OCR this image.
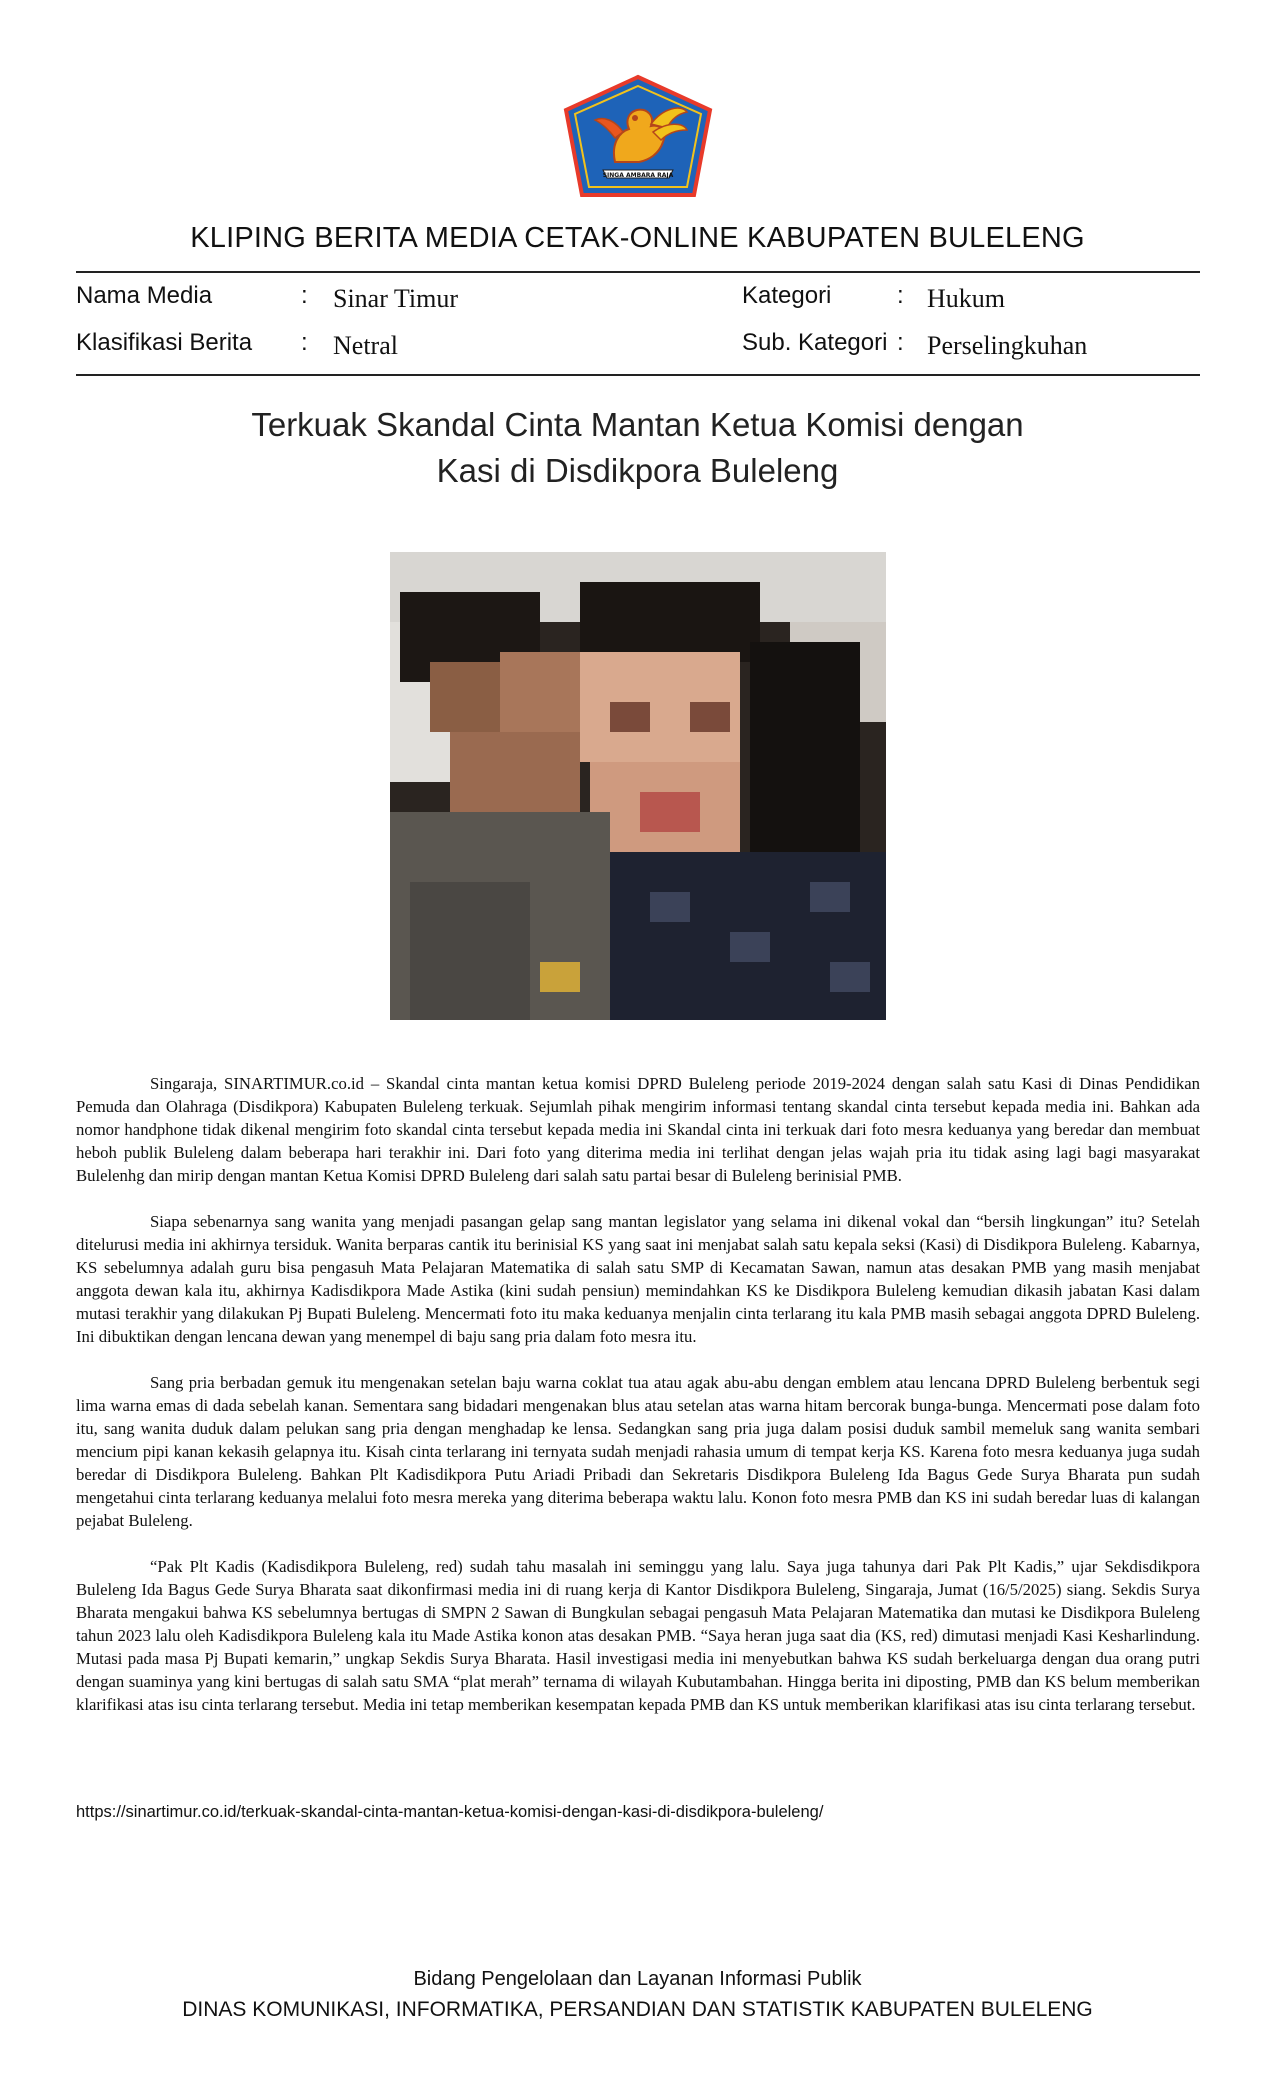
SINGA AMBARA RAJA
KLIPING BERITA MEDIA CETAK-ONLINE KABUPATEN BULELENG
Nama Media	: Sinar Timur
Klasifikasi Berita : Netral
Kategori	: Hukum
Sub. Kategori : Perselingkuhan
Terkuak Skandal Cinta Mantan Ketua Komisi dengan
Kasi di Disdikpora Buleleng

Singaraja, SINARTIMUR.co.id – Skandal cinta mantan ketua komisi DPRD Buleleng periode 2019-2024 dengan salah satu Kasi di Dinas Pendidikan Pemuda dan Olahraga (Disdikpora) Kabupaten Buleleng terkuak. Sejumlah pihak mengirim informasi tentang skandal cinta tersebut kepada media ini. Bahkan ada nomor handphone tidak dikenal mengirim foto skandal cinta tersebut kepada media ini Skandal cinta ini terkuak dari foto mesra keduanya yang beredar dan membuat heboh publik Buleleng dalam beberapa hari terakhir ini. Dari foto yang diterima media ini terlihat dengan jelas wajah pria itu tidak asing lagi bagi masyarakat Bulelenhg dan mirip dengan mantan Ketua Komisi DPRD Buleleng dari salah satu partai besar di Buleleng berinisial PMB.

Siapa sebenarnya sang wanita yang menjadi pasangan gelap sang mantan legislator yang selama ini dikenal vokal dan “bersih lingkungan” itu? Setelah ditelurusi media ini akhirnya tersiduk. Wanita berparas cantik itu berinisial KS yang saat ini menjabat salah satu kepala seksi (Kasi) di Disdikpora Buleleng. Kabarnya, KS sebelumnya adalah guru bisa pengasuh Mata Pelajaran Matematika di salah satu SMP di Kecamatan Sawan, namun atas desakan PMB yang masih menjabat anggota dewan kala itu, akhirnya Kadisdikpora Made Astika (kini sudah pensiun) memindahkan KS ke Disdikpora Buleleng kemudian dikasih jabatan Kasi dalam mutasi terakhir yang dilakukan Pj Bupati Buleleng. Mencermati foto itu maka keduanya menjalin cinta terlarang itu kala PMB masih sebagai anggota DPRD Buleleng. Ini dibuktikan dengan lencana dewan yang menempel di baju sang pria dalam foto mesra itu.

Sang pria berbadan gemuk itu mengenakan setelan baju warna coklat tua atau agak abu-abu dengan emblem atau lencana DPRD Buleleng berbentuk segi lima warna emas di dada sebelah kanan. Sementara sang bidadari mengenakan blus atau setelan atas warna hitam bercorak bunga-bunga. Mencermati pose dalam foto itu, sang wanita duduk dalam pelukan sang pria dengan menghadap ke lensa. Sedangkan sang pria juga dalam posisi duduk sambil memeluk sang wanita sembari mencium pipi kanan kekasih gelapnya itu. Kisah cinta terlarang ini ternyata sudah menjadi rahasia umum di tempat kerja KS. Karena foto mesra keduanya juga sudah beredar di Disdikpora Buleleng. Bahkan Plt Kadisdikpora Putu Ariadi Pribadi dan Sekretaris Disdikpora Buleleng Ida Bagus Gede Surya Bharata pun sudah mengetahui cinta terlarang keduanya melalui foto mesra mereka yang diterima beberapa waktu lalu. Konon foto mesra PMB dan KS ini sudah beredar luas di kalangan pejabat Buleleng.

“Pak Plt Kadis (Kadisdikpora Buleleng, red) sudah tahu masalah ini seminggu yang lalu. Saya juga tahunya dari Pak Plt Kadis,” ujar Sekdisdikpora Buleleng Ida Bagus Gede Surya Bharata saat dikonfirmasi media ini di ruang kerja di Kantor Disdikpora Buleleng, Singaraja, Jumat (16/5/2025) siang. Sekdis Surya Bharata mengakui bahwa KS sebelumnya bertugas di SMPN 2 Sawan di Bungkulan sebagai pengasuh Mata Pelajaran Matematika dan mutasi ke Disdikpora Buleleng tahun 2023 lalu oleh Kadisdikpora Buleleng kala itu Made Astika konon atas desakan PMB. “Saya heran juga saat dia (KS, red) dimutasi menjadi Kasi Kesharlindung. Mutasi pada masa Pj Bupati kemarin,” ungkap Sekdis Surya Bharata. Hasil investigasi media ini menyebutkan bahwa KS sudah berkeluarga dengan dua orang putri dengan suaminya yang kini bertugas di salah satu SMA “plat merah” ternama di wilayah Kubutambahan. Hingga berita ini diposting, PMB dan KS belum memberikan klarifikasi atas isu cinta terlarang tersebut. Media ini tetap memberikan kesempatan kepada PMB dan KS untuk memberikan klarifikasi atas isu cinta terlarang tersebut.

https://sinartimur.co.id/terkuak-skandal-cinta-mantan-ketua-komisi-dengan-kasi-di-disdikpora-buleleng/
Bidang Pengelolaan dan Layanan Informasi Publik
DINAS KOMUNIKASI, INFORMATIKA, PERSANDIAN DAN STATISTIK KABUPATEN BULELENG
